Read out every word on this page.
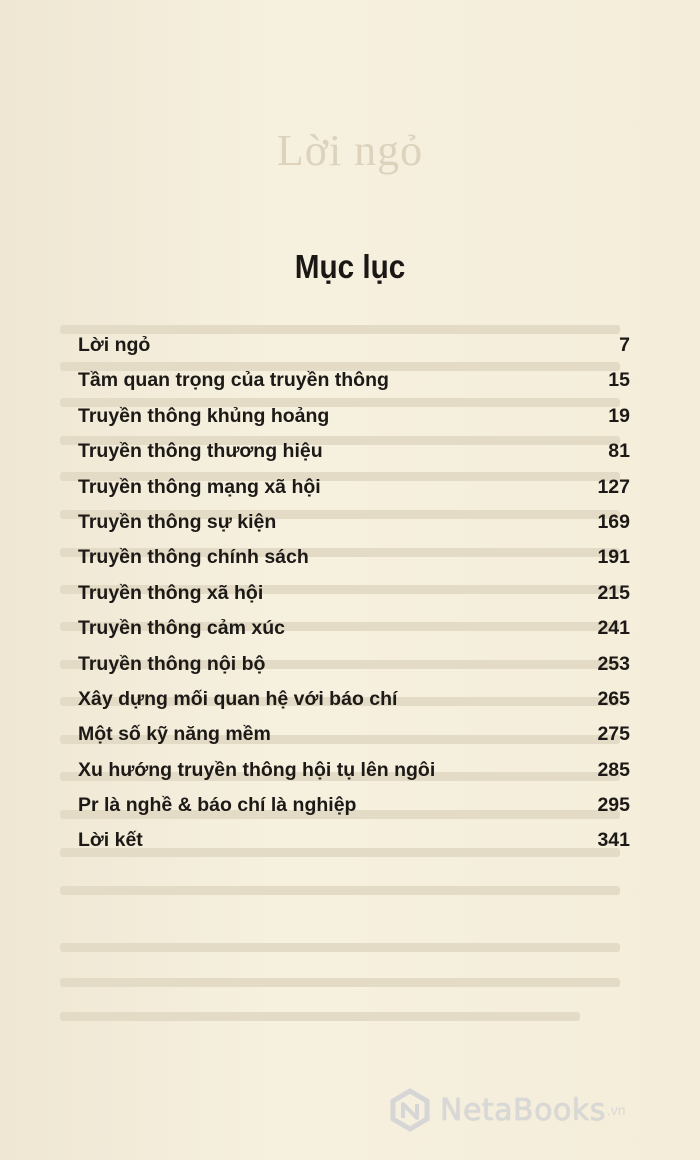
Lời ngỏ
Mục lục
Lời ngỏ	7
Tầm quan trọng của truyền thông	15
Truyền thông khủng hoảng	19
Truyền thông thương hiệu	81
Truyền thông mạng xã hội	127
Truyền thông sự kiện	169
Truyền thông chính sách	191
Truyền thông xã hội	215
Truyền thông cảm xúc	241
Truyền thông nội bộ	253
Xây dựng mối quan hệ với báo chí	265
Một số kỹ năng mềm	275
Xu hướng truyền thông hội tụ lên ngôi	285
Pr là nghề & báo chí là nghiệp	295
Lời kết	341
NetaBooks .vn
